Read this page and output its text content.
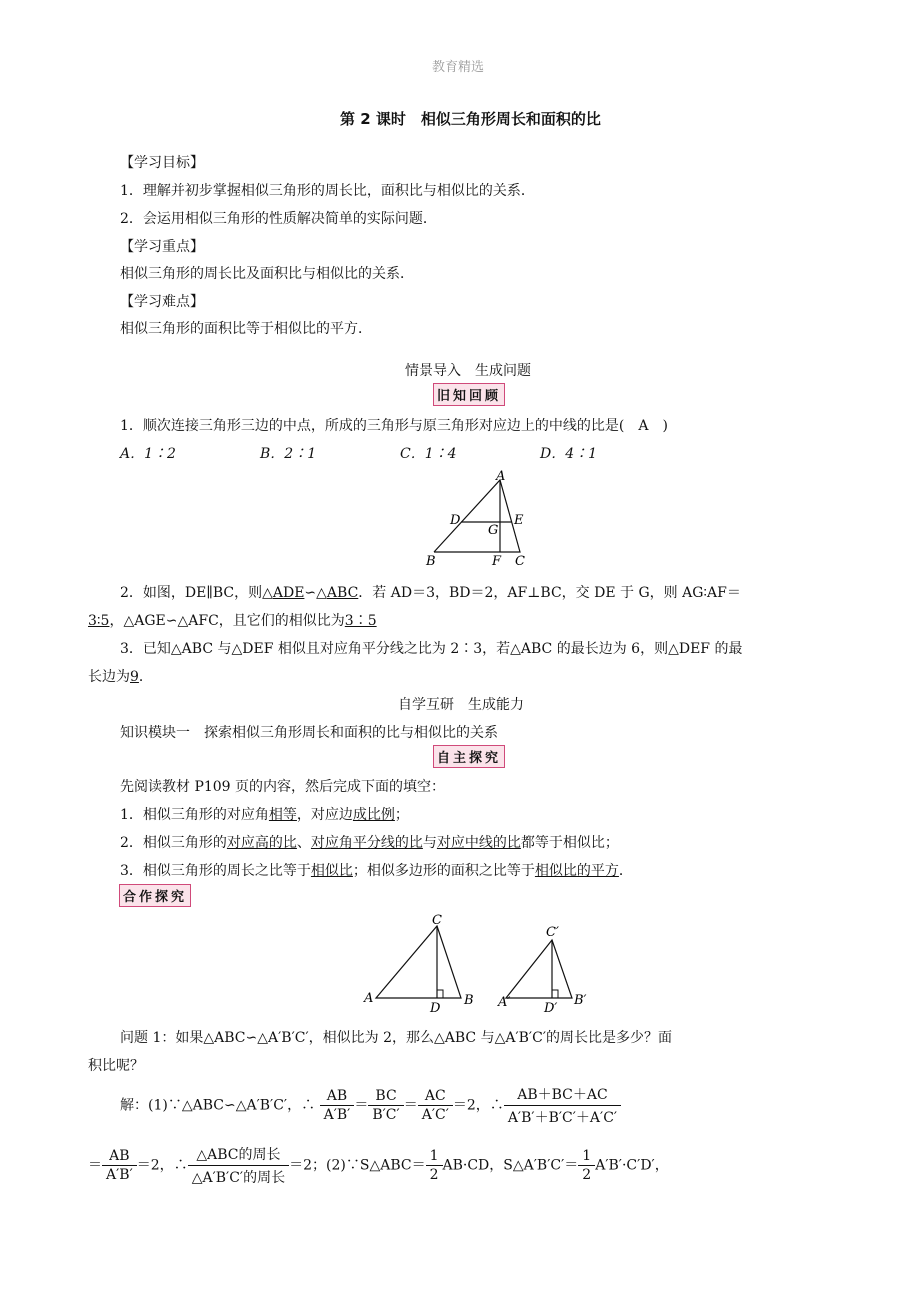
教育精选
第 2 课时　相似三角形周长和面积的比
【学习目标】
1．理解并初步掌握相似三角形的周长比，面积比与相似比的关系．
2．会运用相似三角形的性质解决简单的实际问题．
【学习重点】
相似三角形的周长比及面积比与相似比的关系．
【学习难点】
相似三角形的面积比等于相似比的平方．
情景导入　生成问题
旧知回顾
1．顺次连接三角形三边的中点，所成的三角形与原三角形对应边上的中线的比是(　A　)
A．1∶2	B．2∶1	C．1∶4	D．4∶1
A
B	C
D	E
F
G
2．如图，DE∥BC，则△ADE∽△ABC．若 AD＝3，BD＝2，AF⊥BC，交 DE 于 G，则 AG∶AF＝
3∶5，△AGE∽△AFC，且它们的相似比为3∶5
3．已知△ABC 与△DEF 相似且对应角平分线之比为 2∶3，若△ABC 的最长边为 6，则△DEF 的最
长边为9．
自学互研　生成能力
知识模块一　探索相似三角形周长和面积的比与相似比的关系
自主探究
先阅读教材 P109 页的内容，然后完成下面的填空：
1．相似三角形的对应角相等，对应边成比例；
2．相似三角形的对应高的比、对应角平分线的比与对应中线的比都等于相似比；
3．相似三角形的周长之比等于相似比；相似多边形的面积之比等于相似比的平方．
合作探究
C
A	B
D
C′
A′	B′
D′
问题 1：如果△ABC∽△A′B′C′，相似比为 2，那么△ABC 与△A′B′C′的周长比是多少？面
积比呢？
解：(1)∵△ABC∽△A′B′C′，∴ $\frac{AB}{A'B'} = \frac{BC}{B'C'} = \frac{AC}{A'C'} =2$，∴ $\frac{AB+BC+AC}{A'B'+B'C'+A'C'}$
＝ $\frac{AB}{A'B'} =2$，∴ $\frac{\text{△ABC的周长}}{\text{△A′B′C′的周长}} =2$；(2)∵S△ABC＝ $\frac{1}{2} AB\cdot CD$，S△A′B′C′＝ $\frac{1}{2} A'B'\cdot C'D'$，
